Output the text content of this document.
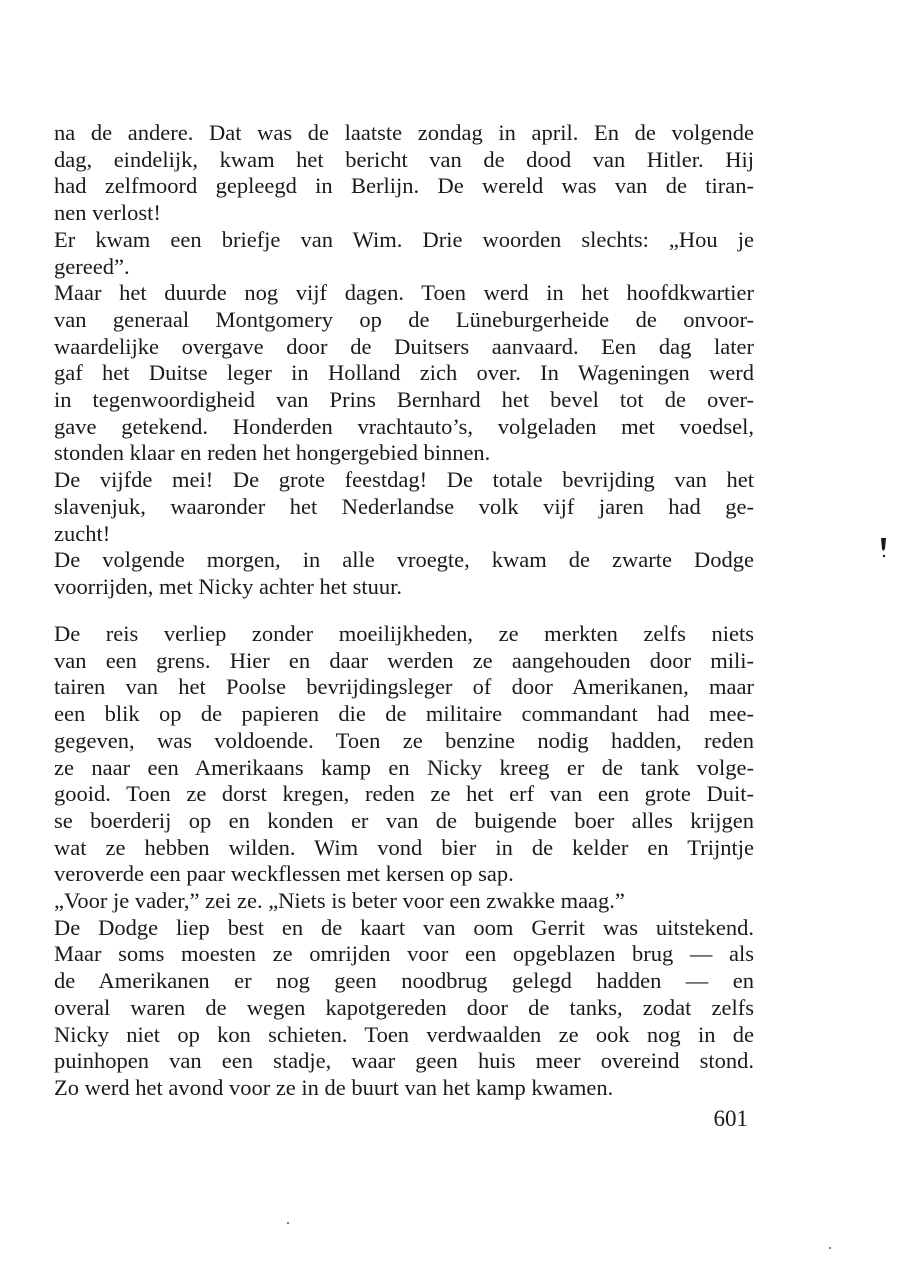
na de andere. Dat was de laatste zondag in april. En de volgende
dag, eindelijk, kwam het bericht van de dood van Hitler. Hij
had zelfmoord gepleegd in Berlijn. De wereld was van de tiran-
nen verlost!
Er kwam een briefje van Wim. Drie woorden slechts: „Hou je
gereed”.
Maar het duurde nog vijf dagen. Toen werd in het hoofdkwartier
van generaal Montgomery op de Lüneburgerheide de onvoor-
waardelijke overgave door de Duitsers aanvaard. Een dag later
gaf het Duitse leger in Holland zich over. In Wageningen werd
in tegenwoordigheid van Prins Bernhard het bevel tot de over-
gave getekend. Honderden vrachtauto’s, volgeladen met voedsel,
stonden klaar en reden het hongergebied binnen.
De vijfde mei! De grote feestdag! De totale bevrijding van het
slavenjuk, waaronder het Nederlandse volk vijf jaren had ge-
zucht!
De volgende morgen, in alle vroegte, kwam de zwarte Dodge
voorrijden, met Nicky achter het stuur.
De reis verliep zonder moeilijkheden, ze merkten zelfs niets
van een grens. Hier en daar werden ze aangehouden door mili-
tairen van het Poolse bevrijdingsleger of door Amerikanen, maar
een blik op de papieren die de militaire commandant had mee-
gegeven, was voldoende. Toen ze benzine nodig hadden, reden
ze naar een Amerikaans kamp en Nicky kreeg er de tank volge-
gooid. Toen ze dorst kregen, reden ze het erf van een grote Duit-
se boerderij op en konden er van de buigende boer alles krijgen
wat ze hebben wilden. Wim vond bier in de kelder en Trijntje
veroverde een paar weckflessen met kersen op sap.
„Voor je vader,” zei ze. „Niets is beter voor een zwakke maag.”
De Dodge liep best en de kaart van oom Gerrit was uitstekend.
Maar soms moesten ze omrijden voor een opgeblazen brug — als
de Amerikanen er nog geen noodbrug gelegd hadden — en
overal waren de wegen kapotgereden door de tanks, zodat zelfs
Nicky niet op kon schieten. Toen verdwaalden ze ook nog in de
puinhopen van een stadje, waar geen huis meer overeind stond.
Zo werd het avond voor ze in de buurt van het kamp kwamen.
601
